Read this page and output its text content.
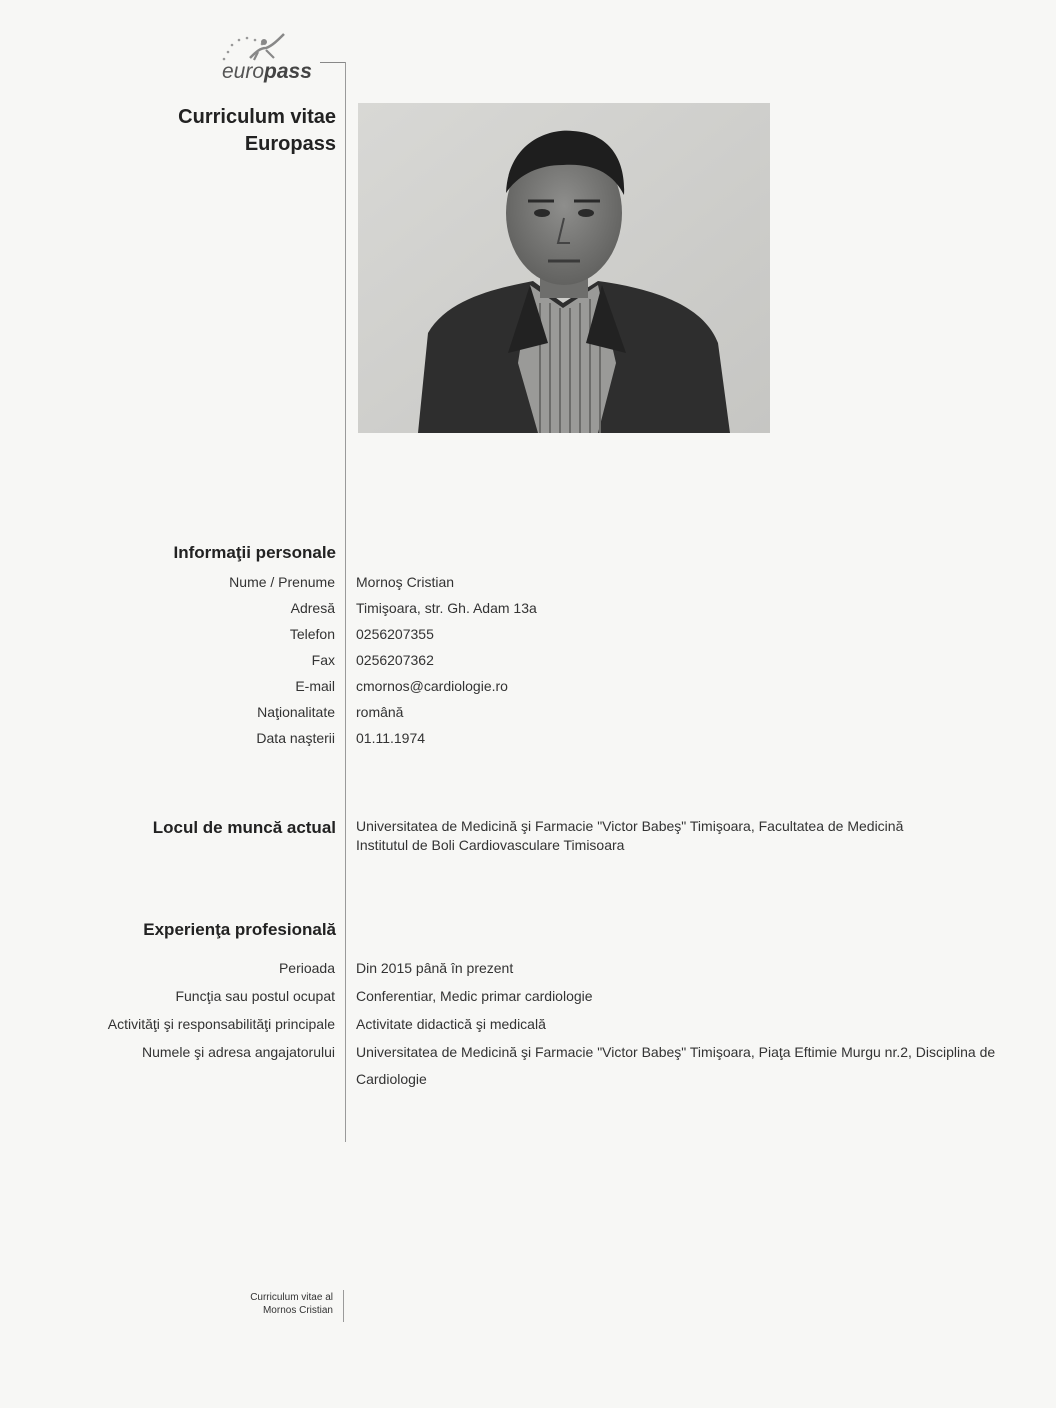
europass
Curriculum vitae
Europass
Informaţii personale
Nume / Prenume Mornoş Cristian
Adresă Timişoara, str. Gh. Adam 13a
Telefon 0256207355
Fax 0256207362
E-mail cmornos@cardiologie.ro
Naţionalitate română
Data naşterii 01.11.1974
Locul de muncă actual Universitatea de Medicină şi Farmacie "Victor Babeş" Timişoara, Facultatea de Medicină
Institutul de Boli Cardiovasculare Timisoara
Experienţa profesională
Perioada Din 2015 până în prezent
Funcţia sau postul ocupat Conferentiar, Medic primar cardiologie
Activităţi şi responsabilităţi principale Activitate didactică şi medicală
Numele şi adresa angajatorului Universitatea de Medicină şi Farmacie "Victor Babeş" Timişoara, Piaţa Eftimie Murgu nr.2, Disciplina de Cardiologie
Curriculum vitae al
Mornos Cristian
